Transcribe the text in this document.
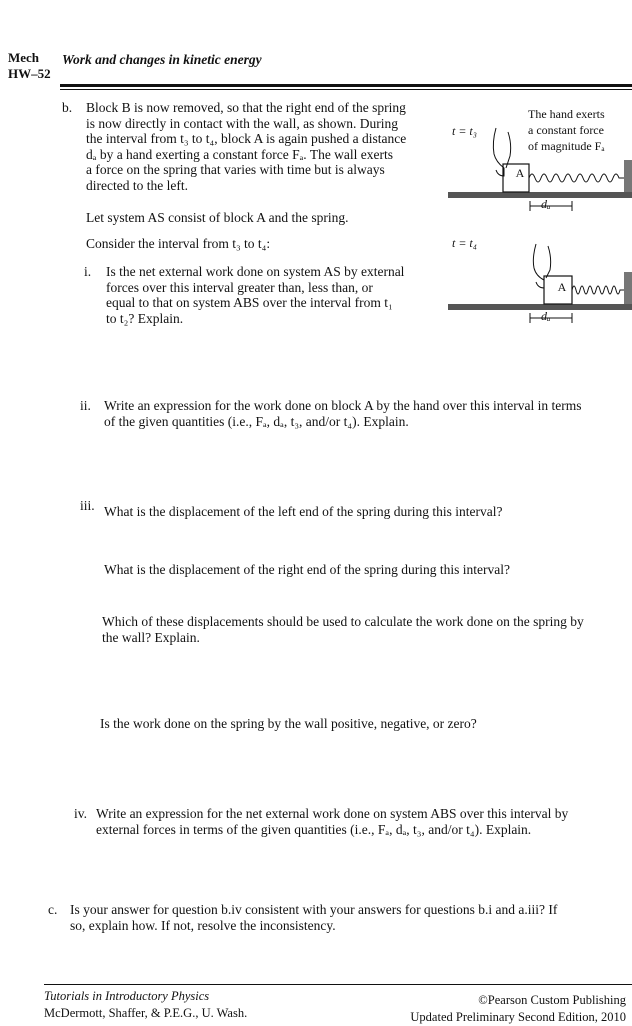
Mech
HW–52
Work and changes in kinetic energy
b. Block B is now removed, so that the right end of the spring
is now directly in contact with the wall, as shown. During
the interval from t₃ to t₄, block A is again pushed a distance
dₐ by a hand exerting a constant force Fₐ. The wall exerts
a force on the spring that varies with time but is always
directed to the left.
Let system AS consist of block A and the spring.
Consider the interval from t₃ to t₄:
i. Is the net external work done on system AS by external
forces over this interval greater than, less than, or
equal to that on system ABS over the interval from t₁
to t₂? Explain.
The hand exerts
a constant force
of magnitude Fₐ
t = t₃
t = t₄
A
A
dₐ
dₐ
ii. Write an expression for the work done on block A by the hand over this interval in terms
of the given quantities (i.e., Fₐ, dₐ, t₃, and/or t₄). Explain.
iii. What is the displacement of the left end of the spring during this interval?
What is the displacement of the right end of the spring during this interval?
Which of these displacements should be used to calculate the work done on the spring by
the wall? Explain.
Is the work done on the spring by the wall positive, negative, or zero?
iv. Write an expression for the net external work done on system ABS over this interval by
external forces in terms of the given quantities (i.e., Fₐ, dₐ, t₃, and/or t₄). Explain.
c. Is your answer for question b.iv consistent with your answers for questions b.i and a.iii? If
so, explain how. If not, resolve the inconsistency.
Tutorials in Introductory Physics
McDermott, Shaffer, & P.E.G., U. Wash.
©Pearson Custom Publishing
Updated Preliminary Second Edition, 2010
